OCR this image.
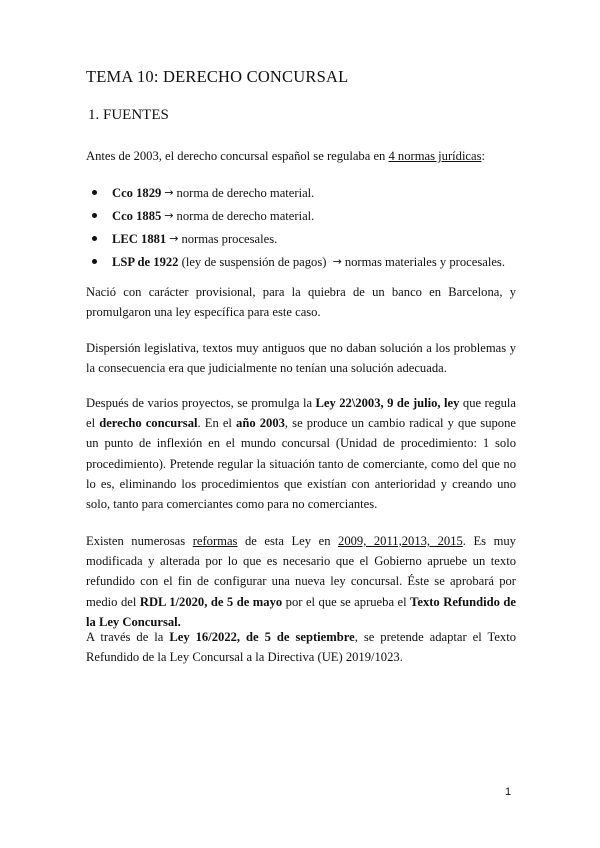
TEMA 10: DERECHO CONCURSAL
1. FUENTES
Antes de 2003, el derecho concursal español se regulaba en 4 normas jurídicas:
Cco 1829 → norma de derecho material.
Cco 1885 → norma de derecho material.
LEC 1881 → normas procesales.
LSP de 1922 (ley de suspensión de pagos) → normas materiales y procesales.
Nació con carácter provisional, para la quiebra de un banco en Barcelona, y promulgaron una ley específica para este caso.
Dispersión legislativa, textos muy antiguos que no daban solución a los problemas y la consecuencia era que judicialmente no tenían una solución adecuada.
Después de varios proyectos, se promulga la Ley 22\2003, 9 de julio, ley que regula el derecho concursal. En el año 2003, se produce un cambio radical y que supone un punto de inflexión en el mundo concursal (Unidad de procedimiento: 1 solo procedimiento). Pretende regular la situación tanto de comerciante, como del que no lo es, eliminando los procedimientos que existían con anterioridad y creando uno solo, tanto para comerciantes como para no comerciantes.
Existen numerosas reformas de esta Ley en 2009, 2011,2013, 2015. Es muy modificada y alterada por lo que es necesario que el Gobierno apruebe un texto refundido con el fin de configurar una nueva ley concursal. Éste se aprobará por medio del RDL 1/2020, de 5 de mayo por el que se aprueba el Texto Refundido de la Ley Concursal.
A través de la Ley 16/2022, de 5 de septiembre, se pretende adaptar el Texto Refundido de la Ley Concursal a la Directiva (UE) 2019/1023.
1
